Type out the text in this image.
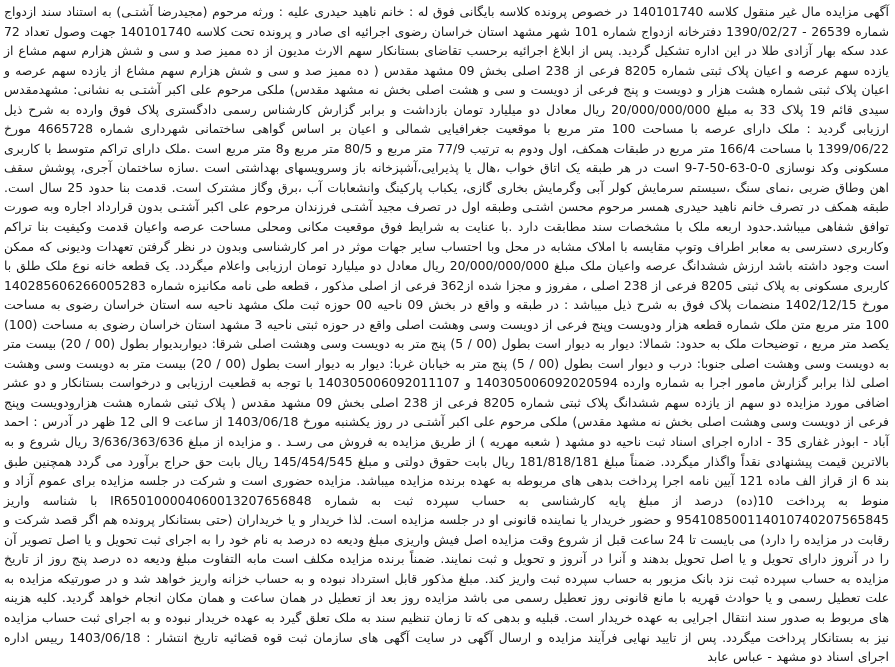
آگهی مزایده مال غیر منقول کلاسه 140101740 در خصوص پرونده کلاسه بایگانی فوق له : خانم ناهید حیدری علیه : ورثه مرحوم (مجیدرضا آشتـی) به استناد سند ازدواج شماره 26539 - 1390/02/27 دفترخانه ازدواج شماره 101 شهر مشهد استان خراسان رضوی اجرائیه ای صادر و پرونده تحت کلاسه 140101740 جهت وصول تعداد 72 عدد سکه بهار آزادی طلا در این اداره تشکیل گردید. پس از ابلاغ اجرائیه برحسب تقاضای بستانکار سهم الارث مدیون از ده ممیز صد و سی و شش هزارم سهم مشاع از یازده سهم عرصه و اعیان پلاک ثبتی شماره 8205 فرعی از 238 اصلی بخش 09 مشهد مقدس ( ده ممیز صد و سی و شش هزارم سهم مشاع از یازده سهم عرصه و اعیان پلاک ثبتی شماره هشت هزار و دویست و پنج فرعی از دویست و سی و هشت اصلی بخش نه مشهد مقدس) ملکی مرحوم علی اکبر آشتـی به نشانی: مشهدمقدس سیدی قائم 19 پلاک 33 به مبلغ 20/000/000/000 ریال معادل دو میلیارد تومان بازداشت و برابر گزارش کارشناس رسمی دادگستری پلاک فوق وارده به شرح ذیل ارزیابی گردید : ملک دارای عرصه با مساحت 100 متر مربع با موقعیت جغرافیایی شمالی و اعیان بر اساس گواهی ساختمانی شهرداری شماره 4665728 مورخ 1399/06/22 با مساحت 166/4 متر مربع در طبقات همکف، اول ودوم به ترتیب 77/9 متر مربع و 80/5 متر مربع و8 متر مربع است .ملک دارای تراکم متوسط با کاربری مسکونی وکد نوسازی 0-0-63-50-7-9 است در هر طبقه یک اتاق خواب ،هال یا پذیرایی،آشپزخانه باز وسرویسهای بهداشتی است .سازه ساختمان آجری، پوشش سقف اهن وطاق ضربی ،نمای سنگ ،سیستم سرمایش کولر آبی وگرمایش بخاری گازی، یکباب پارکینگ وانشعابات آب ،برق وگاز مشترک است. قدمت بنا حدود 25 سال است. طبقه همکف در تصرف خانم ناهید حیدری همسر مرحوم محسن اشتـی وطبقه اول در تصرف مجید آشتـی فرزندان مرحوم علی اکبر آشتـی بدون قرارداد اجاره وبه صورت توافق شفاهی میباشد.حدود اربعه ملک با مشخصات سند مطابقت دارد .با عنایت به شرایط فوق موقعیت مکانی ومحلی مساحت عرصه واعیان قدمت وکیفیت بنا تراکم وکاربری دسترسی به معابر اطراف وتوپ مقایسه با املاک مشابه در محل وبا احتساب سایر جهات موثر در امر کارشناسی وبدون در نظر گرفتن تعهدات ودیونی که ممکن است وجود داشته باشد ارزش ششدانگ عرصه واعیان ملک مبلغ 20/000/000/000 ریال معادل دو میلیارد تومان ارزیابی واعلام میگردد. یک قطعه خانه نوع ملک طلق با کاربری مسکونی به پلاک ثبتی 8205 فرعی از 238 اصلی ، مفروز و مجزا شده از362 فرعی از اصلی مذکور ، قطعه طی نامه مکانیزه شماره 140285606266005283 مورخ 1402/12/15 منضمات پلاک فوق به شرح ذیل میباشد : در طبقه و واقع در بخش 09 ناحیه 00 حوزه ثبت ملک مشهد ناحیه سه استان خراسان رضوی به مساحت 100 متر مربع متن ملک شماره قطعه هزار ودویست وپنج فرعی از دویست وسی وهشت اصلی واقع در حوزه ثبتی ناحیه 3 مشهد استان خراسان رضوی به مساحت (100) یکصد متر مربع ، توضیحات ملک به حدود: شمالا: دیوار به دیوار است بطول (00 / 5) پنج متر به دویست وسی وهشت اصلی شرقا: دیواربدیوار بطول (00 / 20) بیست متر به دویست وسی وهشت اصلی جنوبا: درب و دیوار است بطول (00 / 5) پنج متر به خیابان غربا: دیوار به دیوار است بطول (00 / 20) بیست متر به دویست وسی وهشت اصلی لذا برابر گزارش مامور اجرا به شماره وارده 140305006092020594 و 140305006092011107 با توجه به قطعیت ارزیابی و درخواست بستانکار و دو عشر اضافی مورد مزایده دو سهم از یازده سهم ششدانگ پلاک ثبتی شماره 8205 فرعی از 238 اصلی بخش 09 مشهد مقدس ( پلاک ثبتی شماره هشت هزارودویست وپنج فرعی از دویست وسی وهشت اصلی بخش نه مشهد مقدس) ملکی مرحوم علی اکبر آشتـی در روز یکشنبه مورخ 1403/06/18 از ساعت 9 الی 12 ظهر در آدرس : احمد آباد - ابوذر غفاری 35 - اداره اجرای اسناد ثبت ناحیه دو مشهد ( شعبه مهریه ) از طریق مزایده به فروش می رسـد . و مزایده از مبلغ 3/636/363/636 ریال شروع و به بالاترین قیمت پیشنهادی نقداً واگذار میگردد. ضمناً مبلغ 181/818/181 ریال بابت حقوق دولتی و مبلغ 145/454/545 ریال بابت حق حراج برآورد می گردد همچنین طبق بند 6 از قراز الف ماده 121 آیین نامه اجرا پرداخت بدهی های مربوطه به عهده برنده مزایده میباشد. مزایده حضوری است و شرکت در جلسه مزایده برای عموم آزاد و منوط به پرداخت 10(ده) درصد از مبلغ پایه کارشناسی به حساب سپرده ثبت به شماره IR650100004060013207656848 با شناسه واریز 954108500114010740207565845 و حضور خریدار یا نماینده قانونی او در جلسه مزایده است. لذا خریدار و یا خریداران (حتی بستانکار پرونده هم اگر قصد شرکت و رقابت در مزایده را دارد) می بایست تا 24 ساعت قبل از شروع وقت مزایده اصل فیش واریزی مبلغ ودیعه ده درصد به نام خود را به اجرای ثبت تحویل و یا اصل تصویر آن را در آنروز دارای تحویل و یا اصل تحویل بدهند و آنرا در آنروز و تحویل و ثبت نمایند. ضمناً برنده مزایده مکلف است مابه التفاوت مبلغ ودیعه ده درصد پنج روز از تاریخ مزایده به حساب سپرده ثبت نزد بانک مزبور به حساب سپرده ثبت واریز کند. مبلغ مذکور قابل استرداد نبوده و به حساب خزانه واریز خواهد شد و در صورتیکه مزایده به علت تعطیل رسمی و یا حوادث قهریه با مانع قانونی روز تعطیل رسمی می باشد مزایده روز بعد از تعطیل در همان ساعت و همان مکان انجام خواهد گردید. کلیه هزینه های مربوط به صدور سند انتقال اجرایی به عهده خریدار است. قبلیه و بدهی که تا زمان تنظیم سند به ملک تعلق گیرد به عهده خریدار نبوده و به اجرای ثبت حساب مزایده نیز به بستانکار پرداخت میگردد. پس از تایید نهایی فرآیند مزایده و ارسال آگهی در سایت آگهی های سازمان ثبت قوه قضائیه تاریخ انتشار : 1403/06/18 رییس اداره اجرای اسناد دو مشهد - عباس عابد
